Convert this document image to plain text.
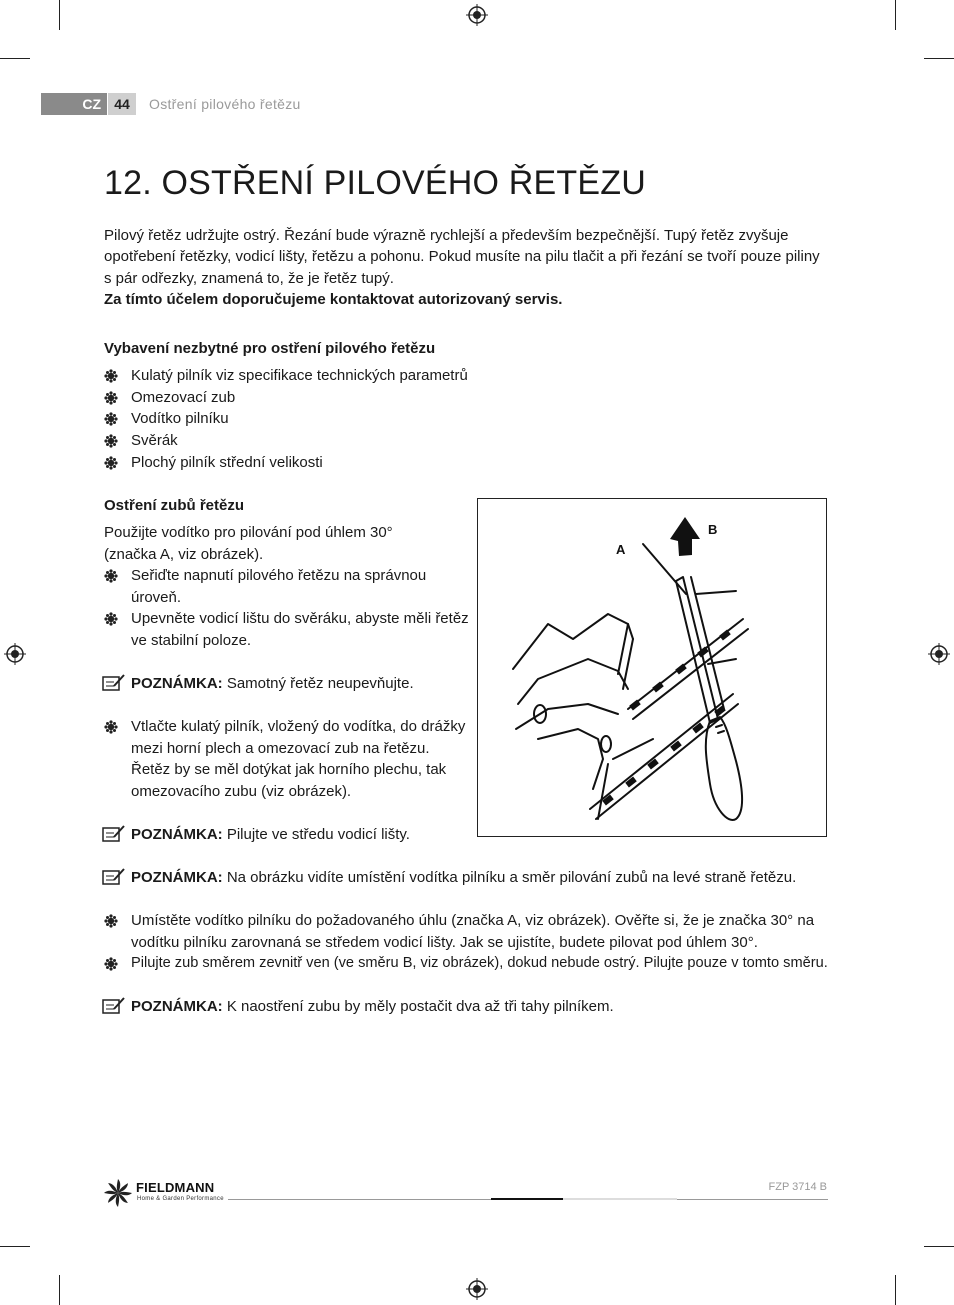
CZ 44	Ostření pilového řetězu
12. OSTŘENÍ PILOVÉHO ŘETĚZU
Pilový řetěz udržujte ostrý. Řezání bude výrazně rychlejší a především bezpečnější. Tupý řetěz zvyšuje
opotřebení řetězky, vodicí lišty, řetězu a pohonu. Pokud musíte na pilu tlačit a při řezání se tvoří pouze piliny
s pár odřezky, znamená to, že je řetěz tupý.
Za tímto účelem doporučujeme kontaktovat autorizovaný servis.
Vybavení nezbytné pro ostření pilového řetězu
Kulatý pilník viz specifikace technických parametrů
Omezovací zub
Vodítko pilníku
Svěrák
Plochý pilník střední velikosti
Ostření zubů řetězu
Použijte vodítko pro pilování pod úhlem 30°
(značka A, viz obrázek).
Seřiďte napnutí pilového řetězu na správnou
úroveň.
Upevněte vodicí lištu do svěráku, abyste měli řetěz
ve stabilní poloze.
POZNÁMKA: Samotný řetěz neupevňujte.
Vtlačte kulatý pilník, vložený do vodítka, do drážky
mezi horní plech a omezovací zub na řetězu.
Řetěz by se měl dotýkat jak horního plechu, tak
omezovacího zubu (viz obrázek).
POZNÁMKA: Pilujte ve středu vodicí lišty.
POZNÁMKA: Na obrázku vidíte umístění vodítka pilníku a směr pilování zubů na levé straně řetězu.
Umístěte vodítko pilníku do požadovaného úhlu (značka A, viz obrázek). Ověřte si, že je značka 30° na
vodítku pilníku zarovnaná se středem vodicí lišty. Jak se ujistíte, budete pilovat pod úhlem 30°.
Pilujte zub směrem zevnitř ven (ve směru B, viz obrázek), dokud nebude ostrý. Pilujte pouze v tomto směru.
POZNÁMKA: K naostření zubu by měly postačit dva až tři tahy pilníkem.
A
B
FIELDMANN
Home & Garden Performance
FZP 3714 B
